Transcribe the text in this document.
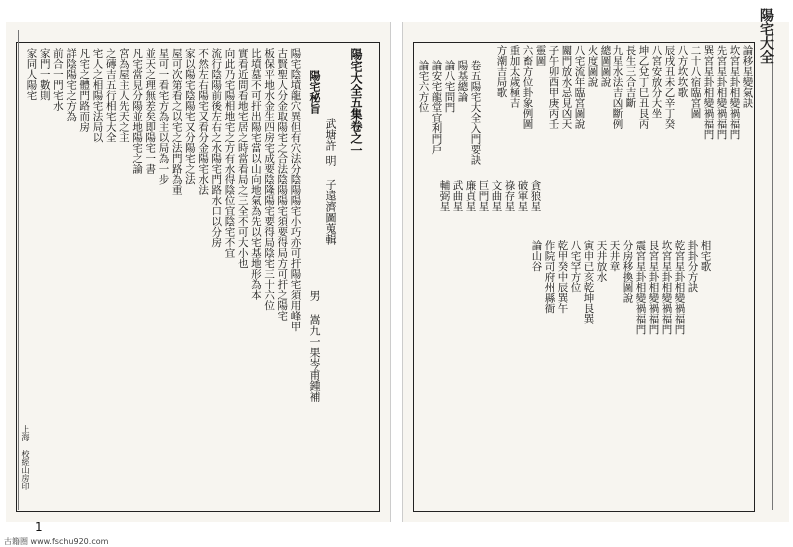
陽宅大全
陽宅陰墳龍穴異但有穴法分陰陽陽宅小巧亦可扞陽宅須用峰甲
古賢聖人分金取陽宅之合法陰陽陽宅須要得局方可扞之陽宅
板保平地水金生四房宅成要陰隆陽宅要得局陰宅三十六位
比墳墓不可扞出陽宅當以山向地氣為先以宅基地形為本
實看近問看地宅居之時當看局之三全不可大小也
向此乃宅陽相地宅之方有水得陰位宜陰宅不宜
流行陰陽前後左右之水陽宅門路水口以分房
不然左右陽宅又看分金陽宅水法
家以陽宅陰陽宅又分陽宅之法
屋可次第看之以宅之法門路為重
星可一看宅方為主以局為一步
並天之理無差矣即陽宅一書
凡宅當見分陽並地陽宅之論
宮為屋主人先天之主
之磚吉五行相宅大全
宅人之相陽宅法局以
凡宅之體門路而房
詳陰陽宅之方為
前合一門宅水
家門一數則
家同人陽宅	陽宅大全五集卷之一
武塘許
明 子遠濟圖蒐輯
男 嵩九一果岑甫鍾補
陽宅秘旨
上海 校經山房印
論移星變氣訣
坎宮星卦相變禍福門
先宮星卦相變禍福門
巽宮星卦相變禍福門
二十八宿臨宮圖
八方坎坎歌
辰戌丑未乙辛丁癸
八宮安放分大坐
坤乙兌丁巳丑艮丙
長生三合吉斷
九星水法吉凶斷例
總圖圖說
火度圖說
八宅流年臨宮圖說
關門放水忌見凶天
子午卯酉甲庚丙壬
靈圖
六畜方位卦象例圖
重加太歲極吉
方潮吉局歌
貪狼星
破軍星
祿存星
文曲星
巨門星
廉貞星
武曲星
輔弼星
卷五陽宅大全入門要訣
陽基總論
論八宅問門
論安宅龍堂宜利門戶
論宅六方位
相宅歌
卦卦分方訣
乾宮星卦相變禍福門
坎宮星卦相變禍福門
艮宮星卦相變禍福門
震宮星卦相變禍福門
分房移換圖說
天井章
天井放水
寅申已亥乾坤艮巽
八宅罕方位
乾甲癸中辰巽午
作院司府州縣衙
論山谷
1
古籍圈 www.fschu920.com
